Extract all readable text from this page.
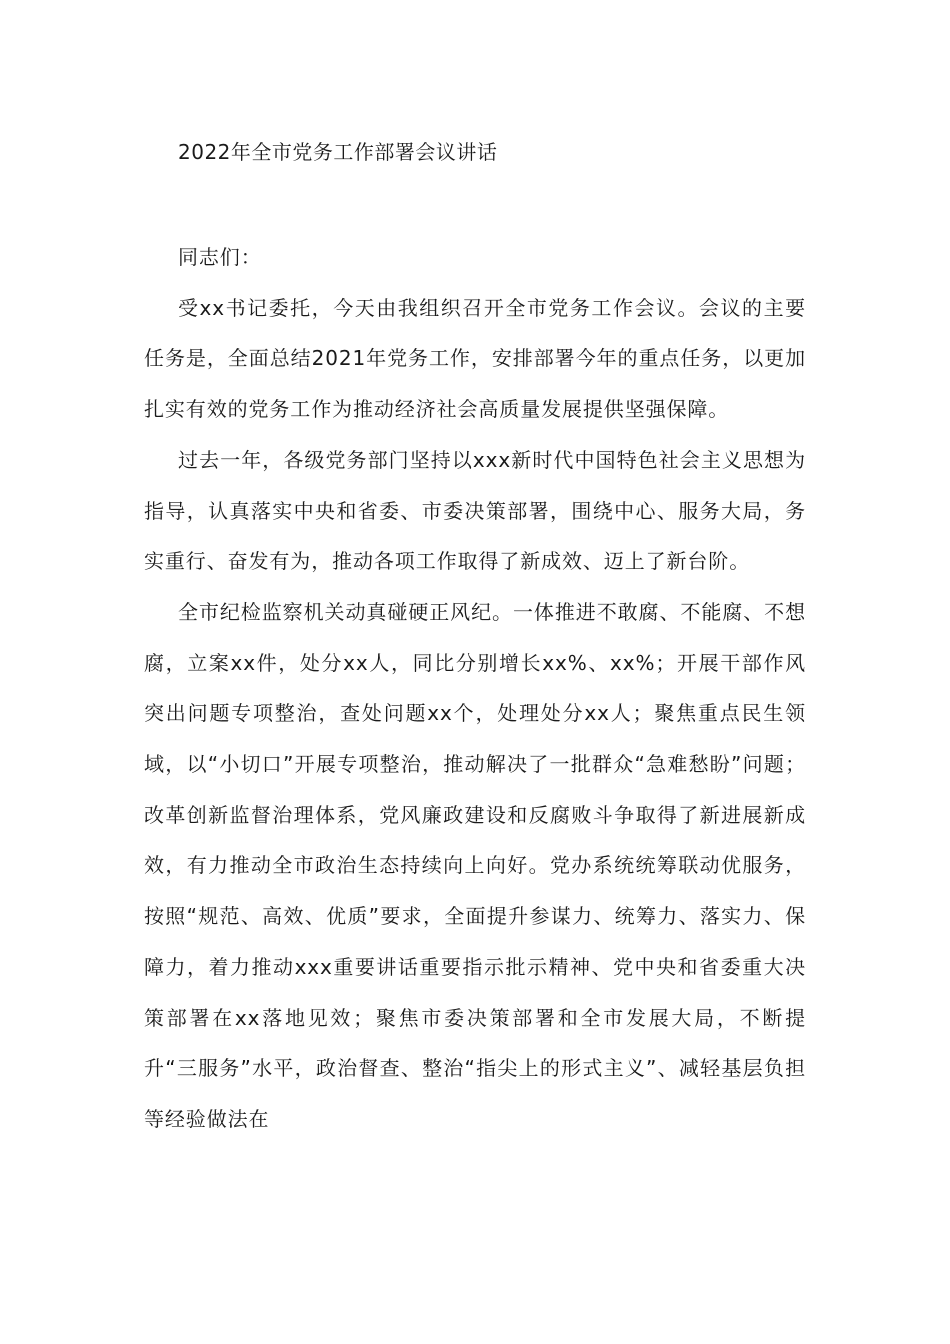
2022年全市党务工作部署会议讲话

同志们：

受xx书记委托，今天由我组织召开全市党务工作会议。会议的主要任务是，全面总结2021年党务工作，安排部署今年的重点任务，以更加扎实有效的党务工作为推动经济社会高质量发展提供坚强保障。

过去一年，各级党务部门坚持以xxx新时代中国特色社会主义思想为指导，认真落实中央和省委、市委决策部署，围绕中心、服务大局，务实重行、奋发有为，推动各项工作取得了新成效、迈上了新台阶。

全市纪检监察机关动真碰硬正风纪。一体推进不敢腐、不能腐、不想腐，立案xx件，处分xx人，同比分别增长xx%、xx%；开展干部作风突出问题专项整治，查处问题xx个，处理处分xx人；聚焦重点民生领域，以“小切口”开展专项整治，推动解决了一批群众“急难愁盼”问题；改革创新监督治理体系，党风廉政建设和反腐败斗争取得了新进展新成效，有力推动全市政治生态持续向上向好。党办系统统筹联动优服务，按照“规范、高效、优质”要求，全面提升参谋力、统筹力、落实力、保障力，着力推动xxx重要讲话重要指示批示精神、党中央和省委重大决策部署在xx落地见效；聚焦市委决策部署和全市发展大局，不断提升“三服务”水平，政治督查、整治“指尖上的形式主义”、减轻基层负担等经验做法在
